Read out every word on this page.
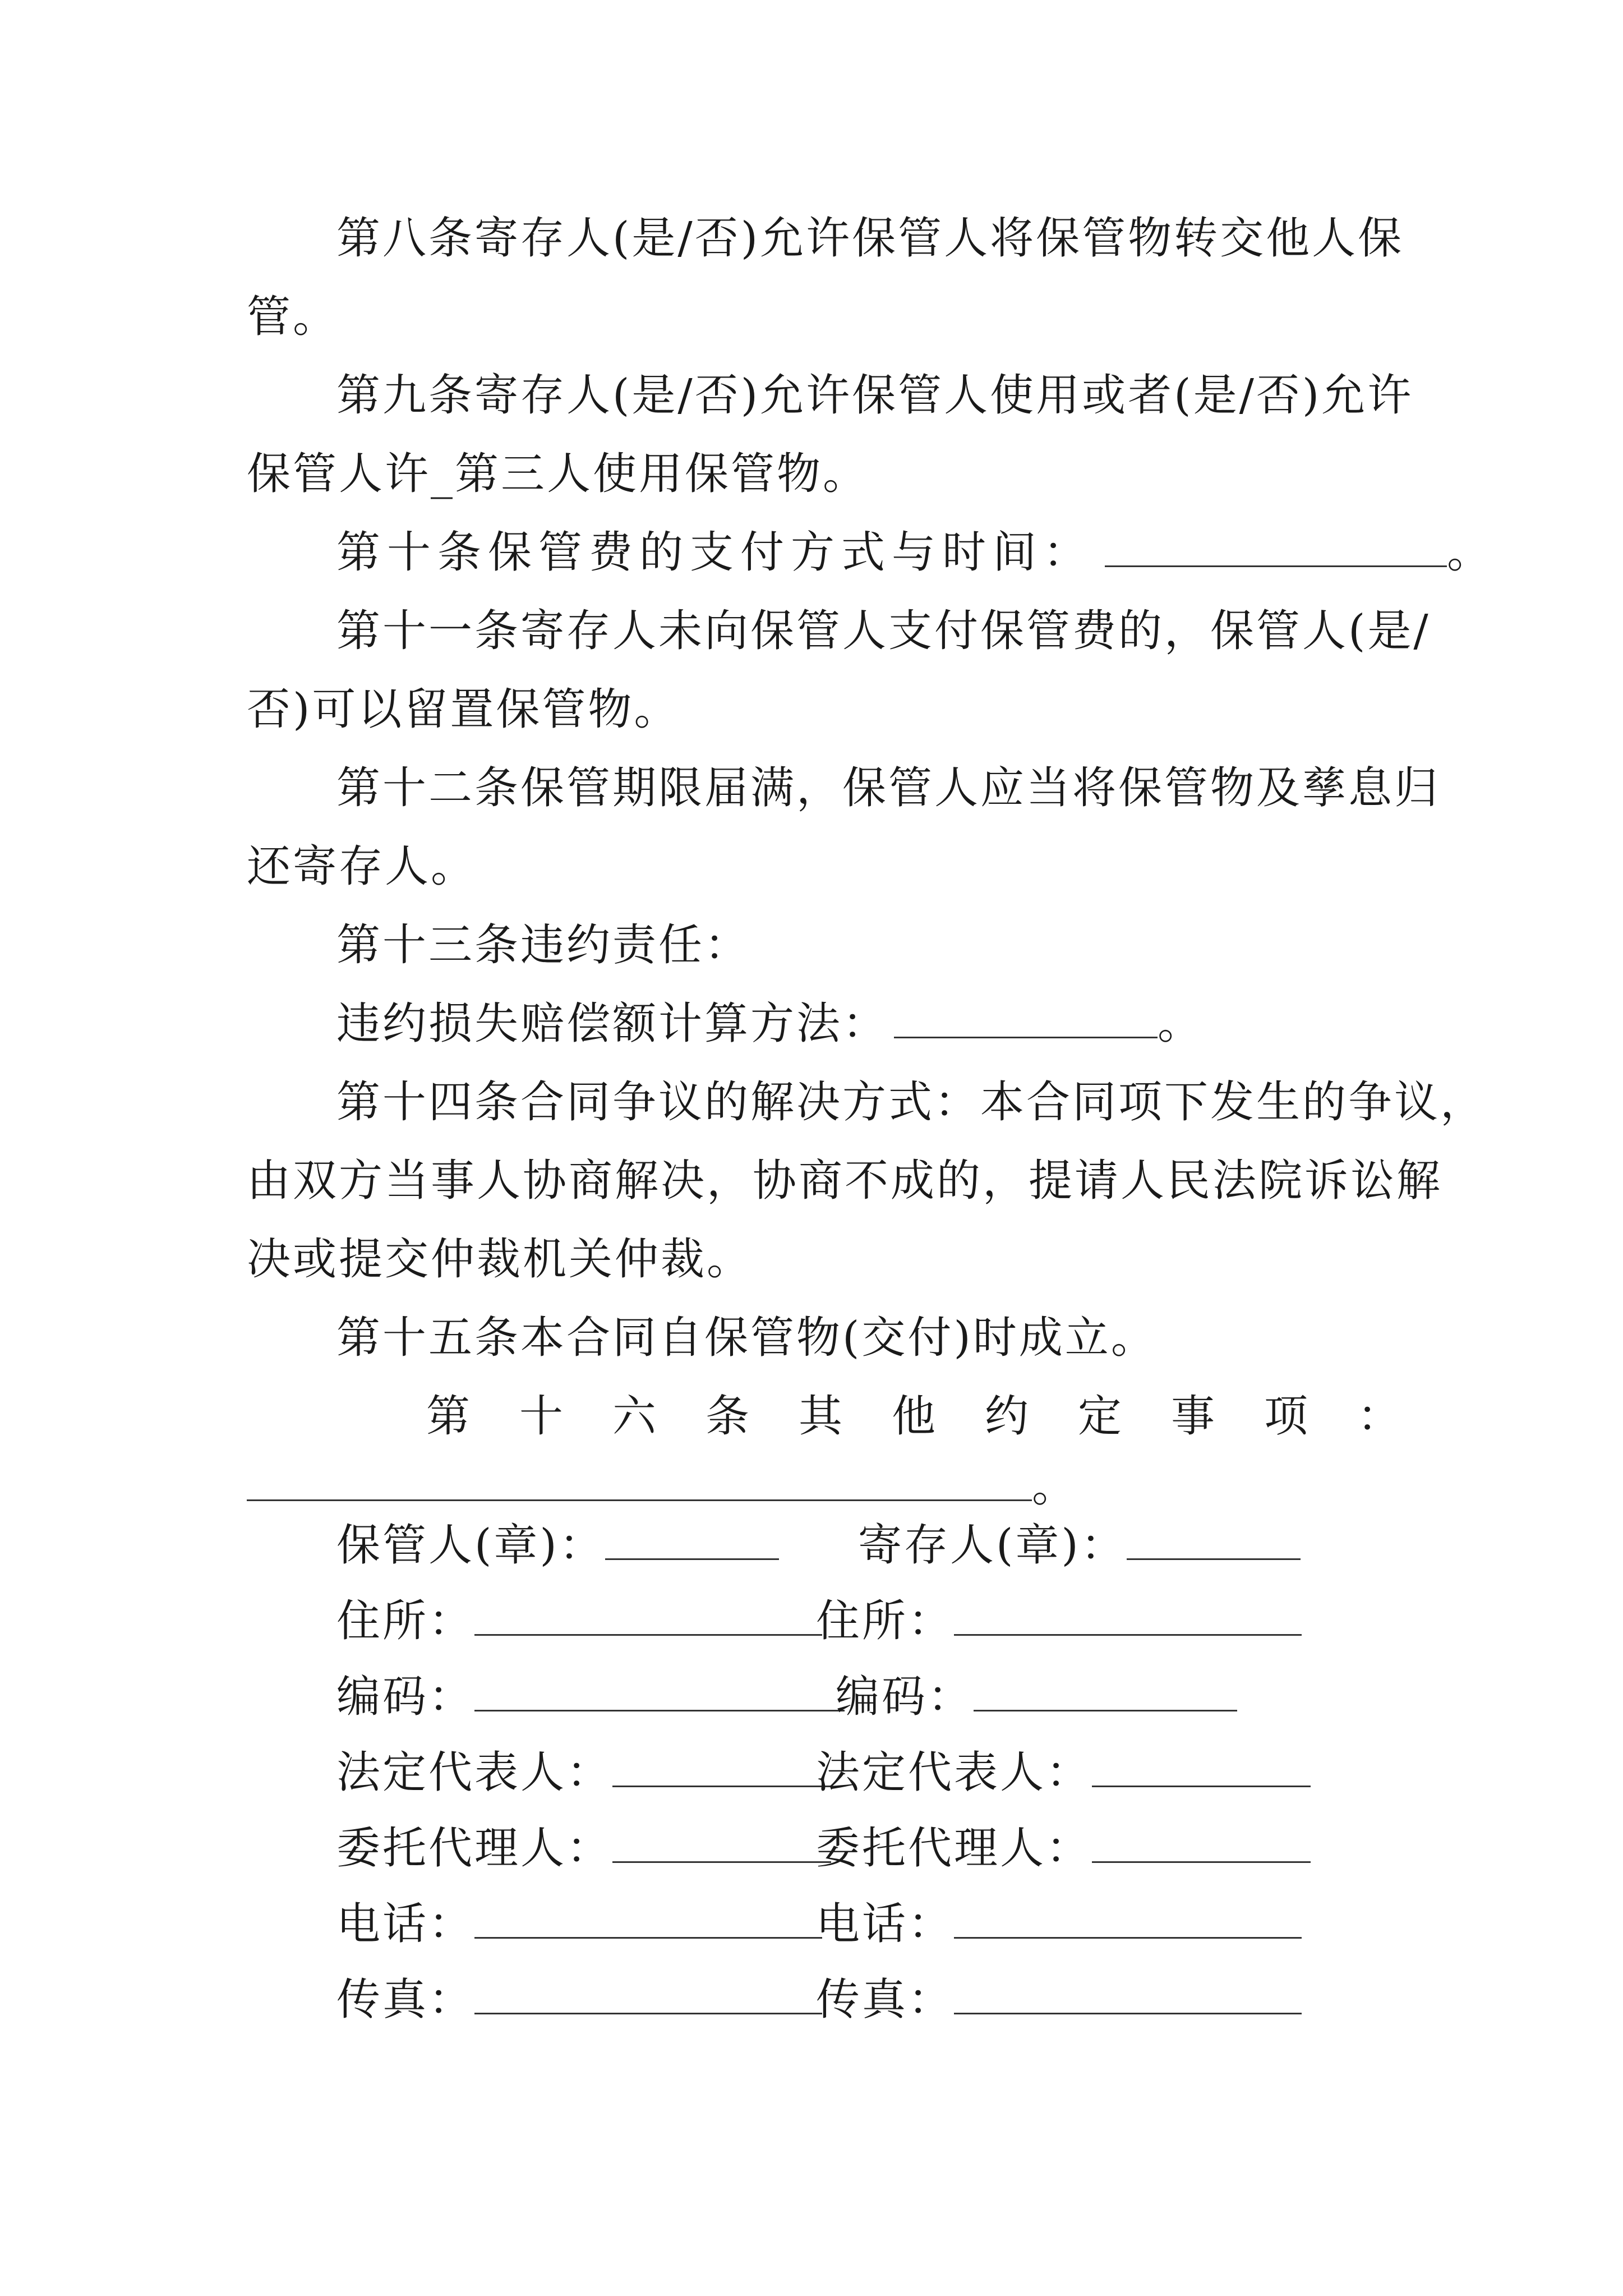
第八条寄存人(是/否)允许保管人将保管物转交他人保
管。
第九条寄存人(是/否)允许保管人使用或者(是/否)允许
保管人许_第三人使用保管物。
第十条保管费的支付方式与时间：	。
第十一条寄存人未向保管人支付保管费的，保管人(是/
否)可以留置保管物。
第十二条保管期限届满，保管人应当将保管物及孳息归
还寄存人。
第十三条违约责任：
违约损失赔偿额计算方法：	。
第十四条合同争议的解决方式：本合同项下发生的争议，
由双方当事人协商解决，协商不成的，提请人民法院诉讼解
决或提交仲裁机关仲裁。
第十五条本合同自保管物(交付)时成立。
第十六条其他约定事项：
。
保管人(章)：	寄存人(章)：
住所：	住所：
编码：	编码：
法定代表人：	法定代表人：
委托代理人：	委托代理人：
电话：	电话：
传真：	传真：
